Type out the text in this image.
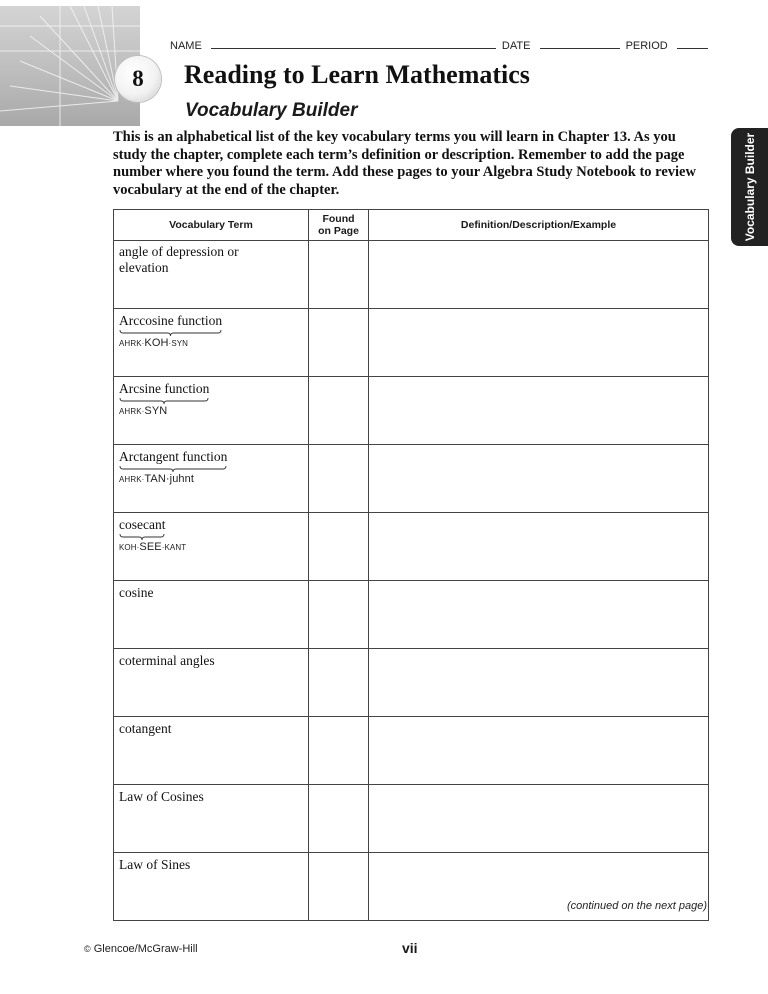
8
NAME	DATE	PERIOD
Reading to Learn Mathematics
Vocabulary Builder
Vocabulary Builder

This is an alphabetical list of the key vocabulary terms you will learn in Chapter 13. As you study the chapter, complete each term’s definition or description. Remember to add the page number where you found the term. Add these pages to your Algebra Study Notebook to review vocabulary at the end of the chapter.

Vocabulary Term	Found on Page	Definition/Description/Example
angle of depression or elevation		
Arccosine function
AHRK·KOH·SYN		

Arcsine function
AHRK·SYN		

Arctangent function
AHRK·TAN·juhnt		

cosecant
KOH·SEE·KANT		

cosine		
coterminal angles		
cotangent		
Law of Cosines		
Law of Sines		
(continued on the next page)
© Glencoe/McGraw-Hill	vii
